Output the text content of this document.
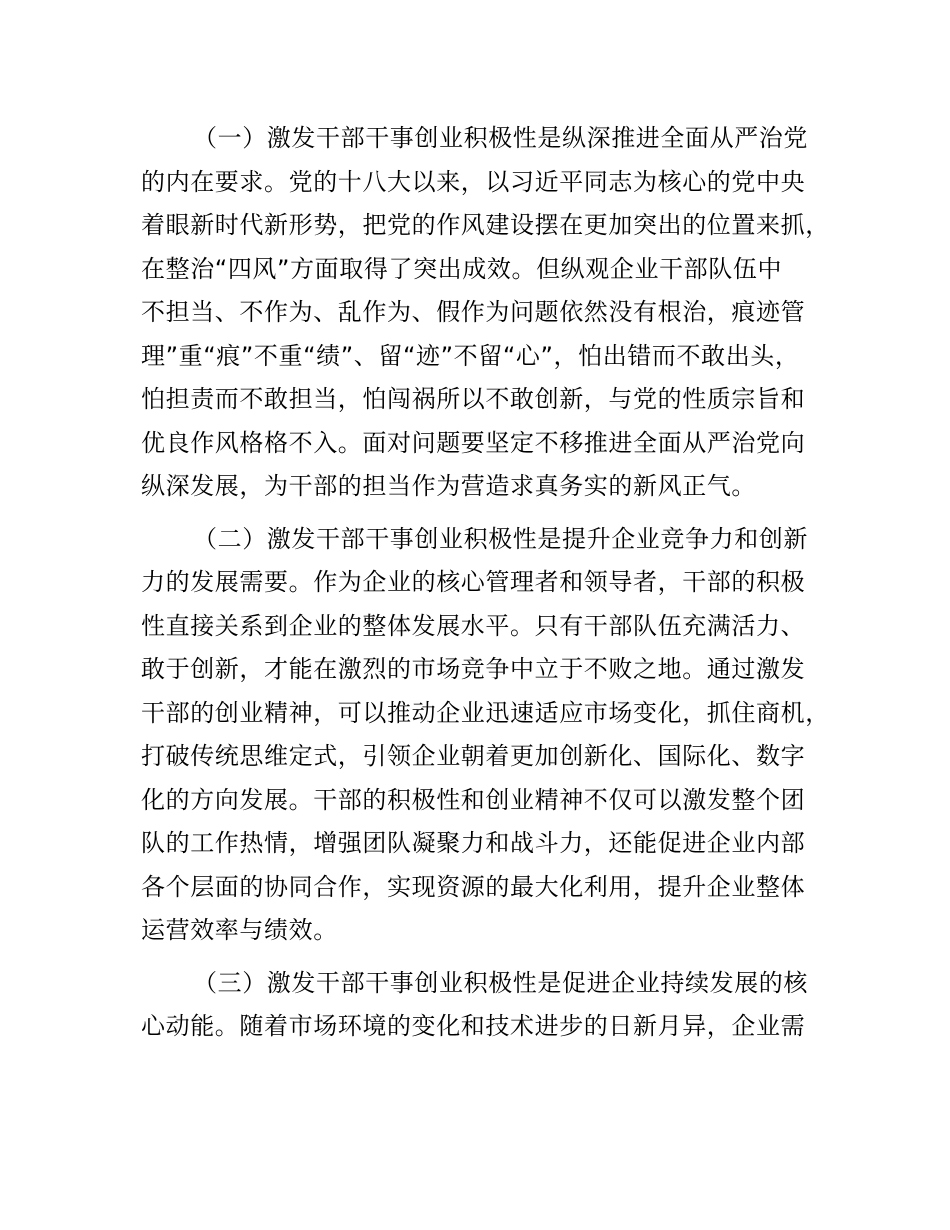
（一）激发干部干事创业积极性是纵深推进全面从严治党
的内在要求。党的十八大以来，以习近平同志为核心的党中央
着眼新时代新形势，把党的作风建设摆在更加突出的位置来抓，
在整治“四风”方面取得了突出成效。但纵观企业干部队伍中
不担当、不作为、乱作为、假作为问题依然没有根治，痕迹管
理”重“痕”不重“绩”、留“迹”不留“心”，怕出错而不敢出头，
怕担责而不敢担当，怕闯祸所以不敢创新，与党的性质宗旨和
优良作风格格不入。面对问题要坚定不移推进全面从严治党向
纵深发展，为干部的担当作为营造求真务实的新风正气。
（二）激发干部干事创业积极性是提升企业竞争力和创新
力的发展需要。作为企业的核心管理者和领导者，干部的积极
性直接关系到企业的整体发展水平。只有干部队伍充满活力、
敢于创新，才能在激烈的市场竞争中立于不败之地。通过激发
干部的创业精神，可以推动企业迅速适应市场变化，抓住商机，
打破传统思维定式，引领企业朝着更加创新化、国际化、数字
化的方向发展。干部的积极性和创业精神不仅可以激发整个团
队的工作热情，增强团队凝聚力和战斗力，还能促进企业内部
各个层面的协同合作，实现资源的最大化利用，提升企业整体
运营效率与绩效。
（三）激发干部干事创业积极性是促进企业持续发展的核
心动能。随着市场环境的变化和技术进步的日新月异，企业需
